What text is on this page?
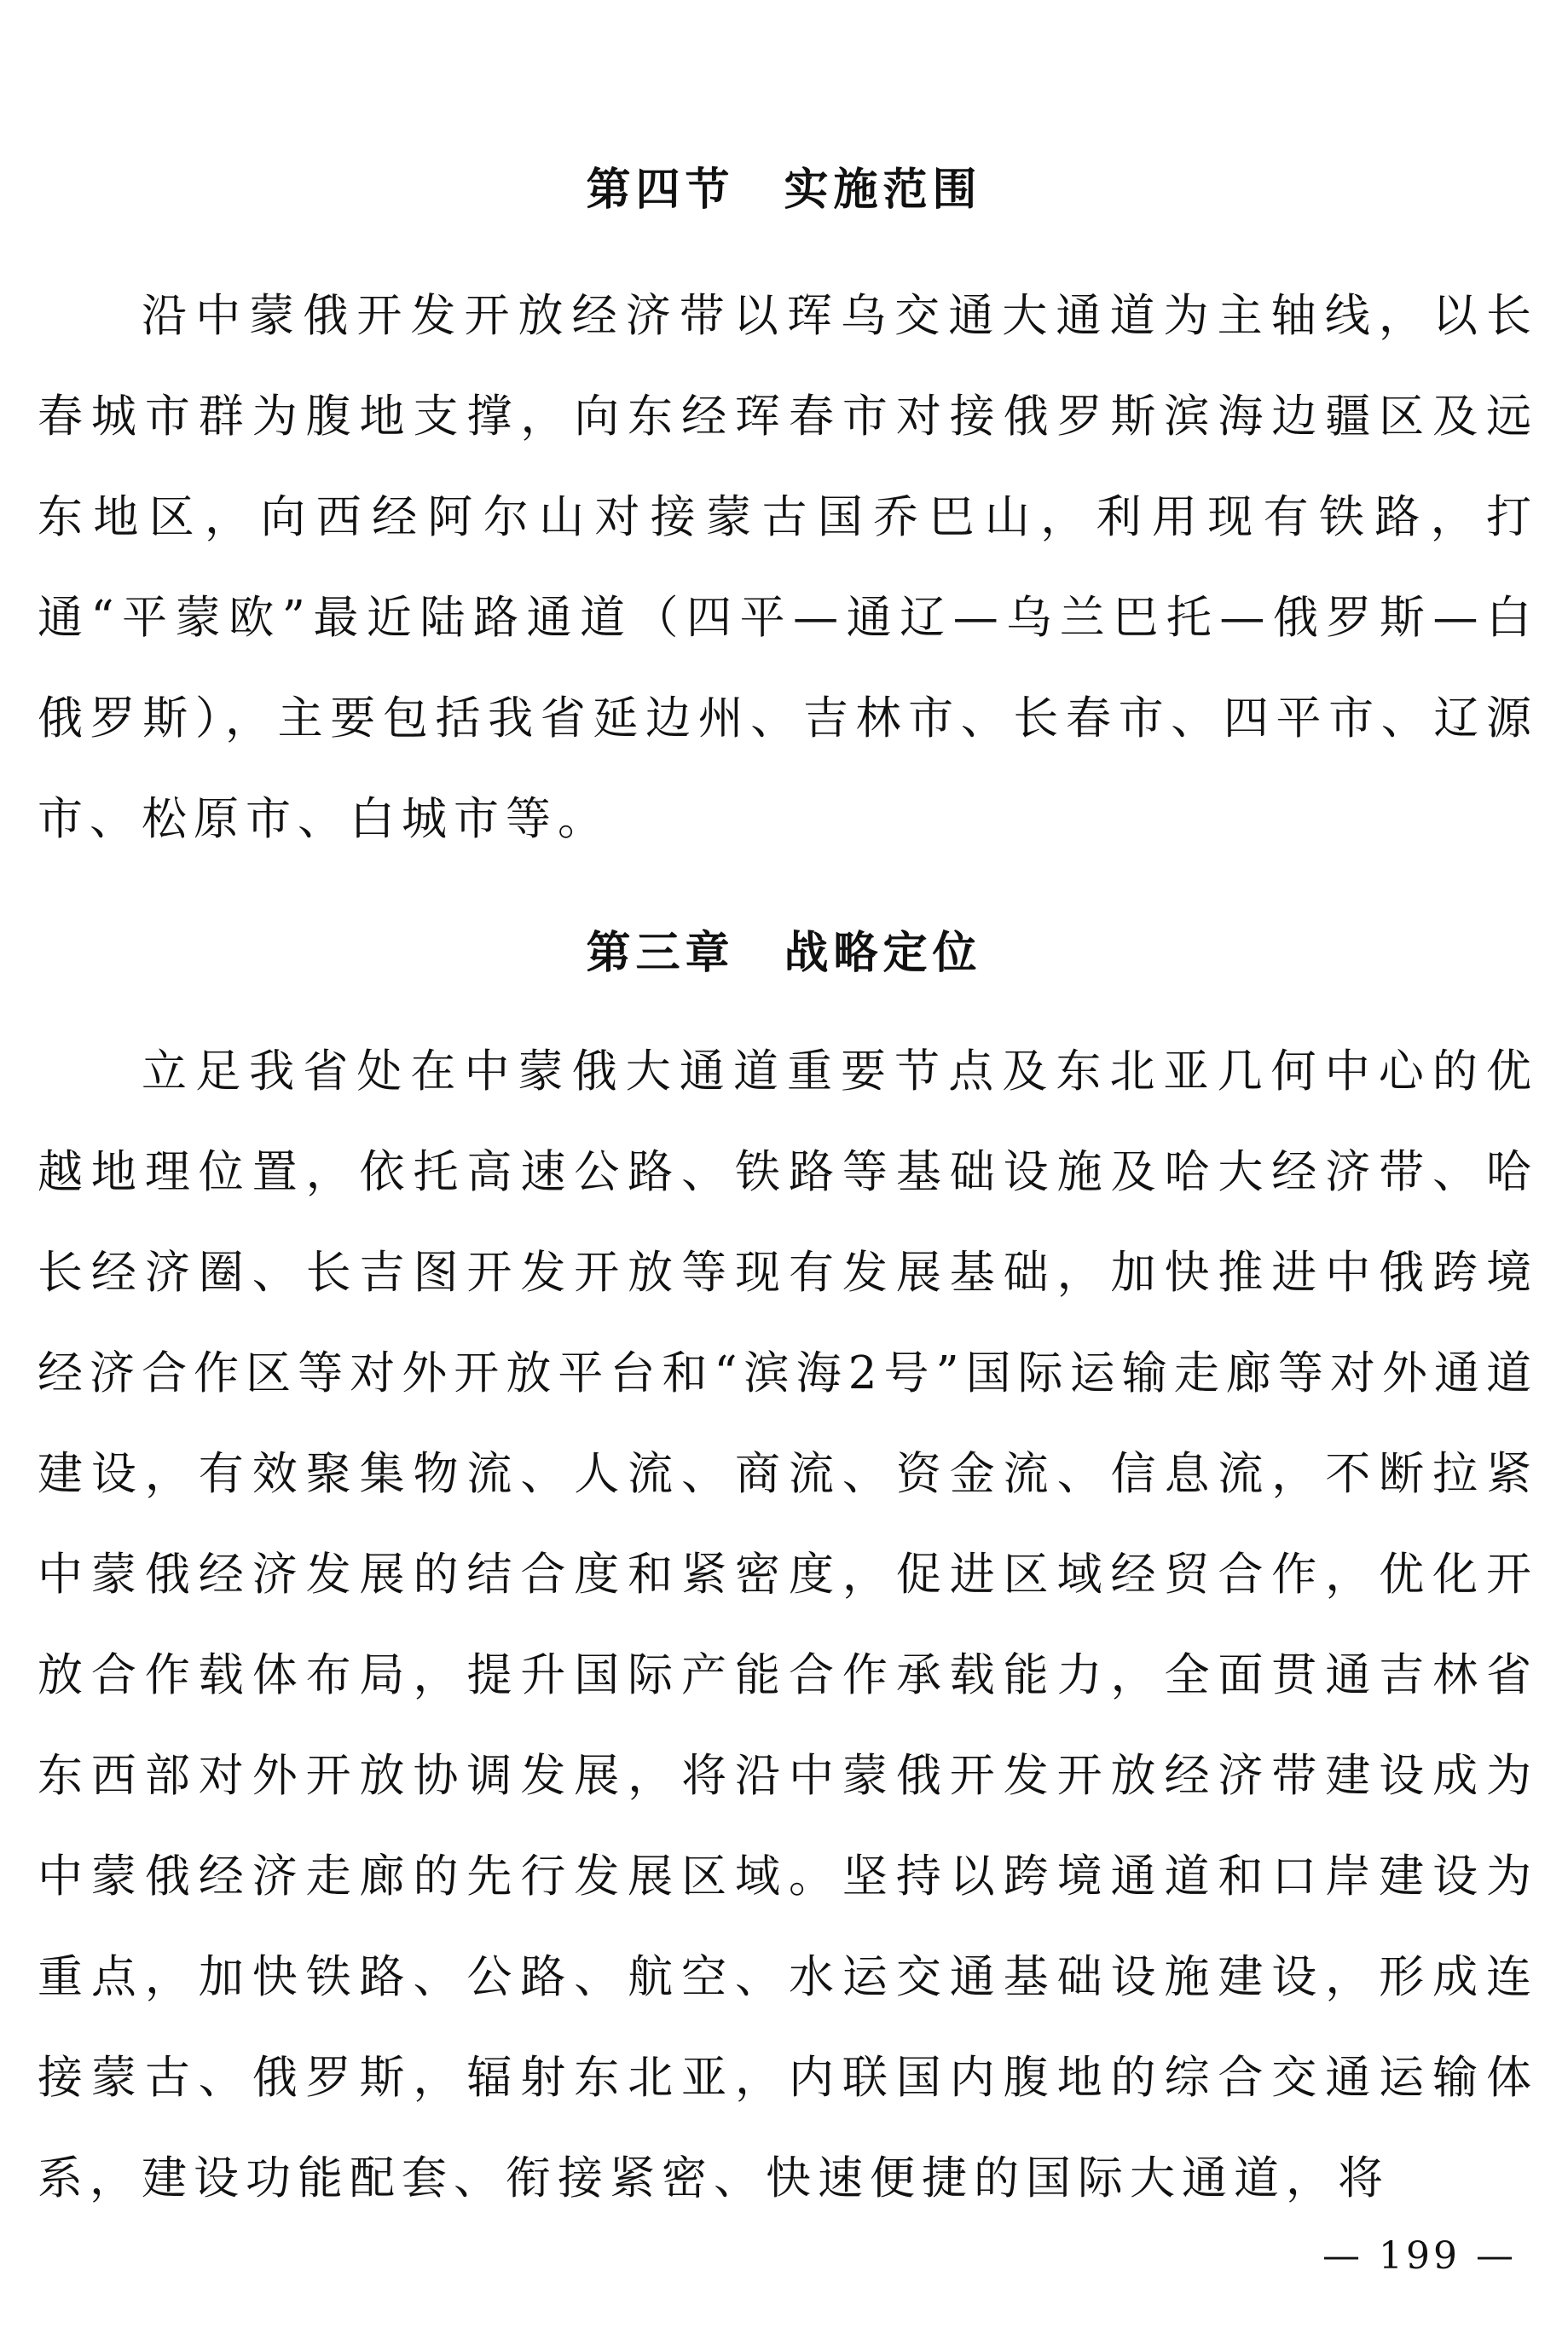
第四节　实施范围

沿中蒙俄开发开放经济带以珲乌交通大通道为主轴线，以长春城市群为腹地支撑，向东经珲春市对接俄罗斯滨海边疆区及远东地区，向西经阿尔山对接蒙古国乔巴山，利用现有铁路，打通“平蒙欧”最近陆路通道（四平—通辽—乌兰巴托—俄罗斯—白俄罗斯），主要包括我省延边州、吉林市、长春市、四平市、辽源市、松原市、白城市等。

第三章　战略定位

立足我省处在中蒙俄大通道重要节点及东北亚几何中心的优越地理位置，依托高速公路、铁路等基础设施及哈大经济带、哈长经济圈、长吉图开发开放等现有发展基础，加快推进中俄跨境经济合作区等对外开放平台和“滨海2号”国际运输走廊等对外通道建设，有效聚集物流、人流、商流、资金流、信息流，不断拉紧中蒙俄经济发展的结合度和紧密度，促进区域经贸合作，优化开放合作载体布局，提升国际产能合作承载能力，全面贯通吉林省东西部对外开放协调发展，将沿中蒙俄开发开放经济带建设成为中蒙俄经济走廊的先行发展区域。坚持以跨境通道和口岸建设为重点，加快铁路、公路、航空、水运交通基础设施建设，形成连接蒙古、俄罗斯，辐射东北亚，内联国内腹地的综合交通运输体系，建设功能配套、衔接紧密、快速便捷的国际大通道，将

— 199 —
